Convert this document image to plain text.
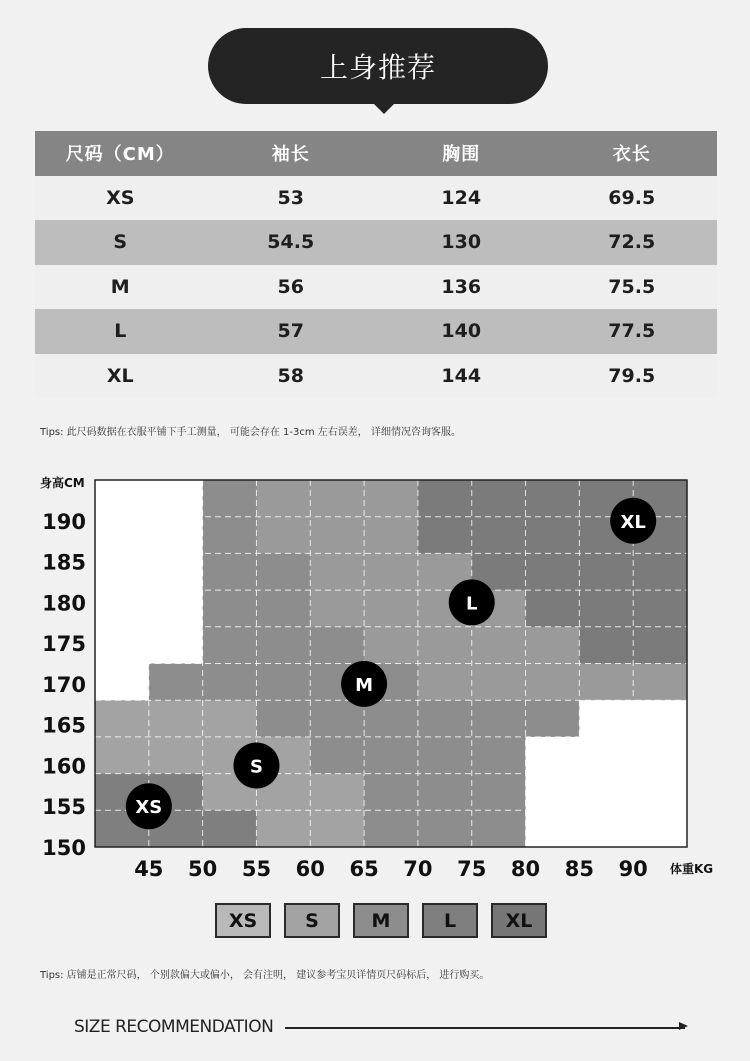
上身推荐
尺码（CM）	袖长	胸围	衣长
XS	53	124	69.5
S	54.5	130	72.5
M	56	136	75.5
L	57	140	77.5
XL	58	144	79.5
Tips: 此尺码数据在衣服平铺下手工测量， 可能会存在 1-3cm 左右误差， 详细情况咨询客服。
190
185
180
175
170
165
160
155
150
45 50 55 60 65 70 75 80 85 90
身高CM
体重KG
XS
S
M
L
XL
XS	S	M	L	XL
Tips: 店铺是正常尺码， 个别款偏大或偏小， 会有注明， 建议参考宝贝详情页尺码标后， 进行购买。
SIZE RECOMMENDATION
